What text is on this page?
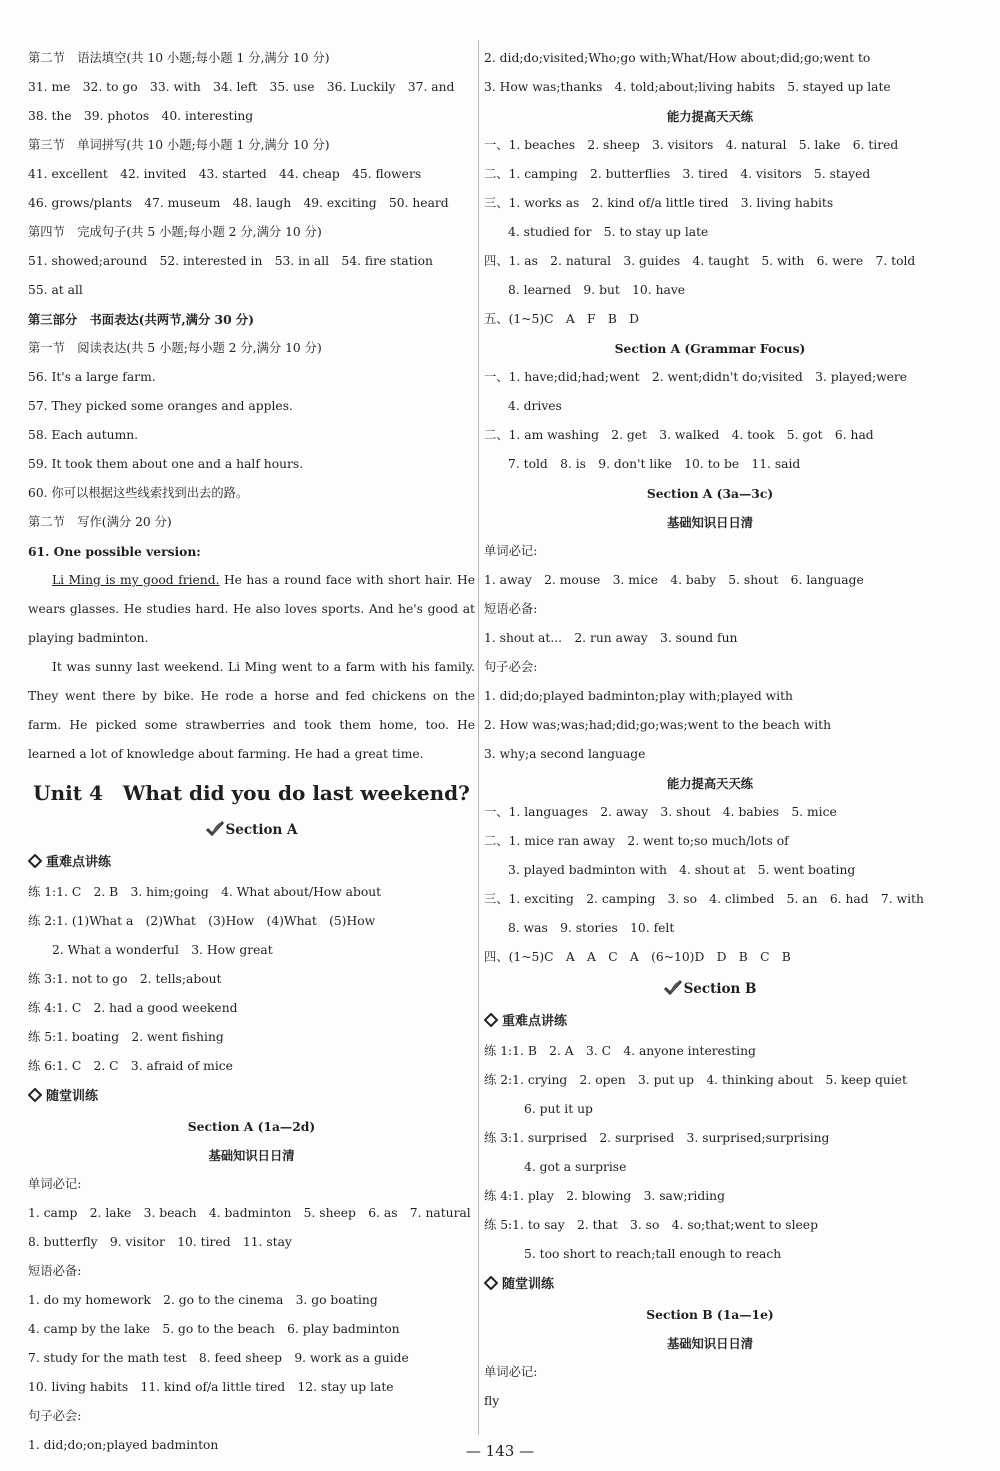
第二节　语法填空(共 10 小题;每小题 1 分,满分 10 分)
31. me　32. to go　33. with　34. left　35. use　36. Luckily　37. and
38. the　39. photos　40. interesting
第三节　单词拼写(共 10 小题;每小题 1 分,满分 10 分)
41. excellent　42. invited　43. started　44. cheap　45. flowers
46. grows/plants　47. museum　48. laugh　49. exciting　50. heard
第四节　完成句子(共 5 小题;每小题 2 分,满分 10 分)
51. showed;around　52. interested in　53. in all　54. fire station
55. at all
第三部分　书面表达(共两节,满分 30 分)
第一节　阅读表达(共 5 小题;每小题 2 分,满分 10 分)
56. It's a large farm.
57. They picked some oranges and apples.
58. Each autumn.
59. It took them about one and a half hours.
60. 你可以根据这些线索找到出去的路。
第二节　写作(满分 20 分)
61. One possible version:
Li Ming is my good friend. He has a round face with short hair. He wears glasses. He studies hard. He also loves sports. And he's good at playing badminton.
It was sunny last weekend. Li Ming went to a farm with his family. They went there by bike. He rode a horse and fed chickens on the farm. He picked some strawberries and took them home, too. He learned a lot of knowledge about farming. He had a great time.
Unit 4　What did you do last weekend?
Section A
重难点讲练
练 1:1. C　2. B　3. him;going　4. What about/How about
练 2:1. (1)What a　(2)What　(3)How　(4)What　(5)How
2. What a wonderful　3. How great
练 3:1. not to go　2. tells;about
练 4:1. C　2. had a good weekend
练 5:1. boating　2. went fishing
练 6:1. C　2. C　3. afraid of mice
随堂训练
Section A (1a—2d)
基础知识日日清
单词必记:
1. camp　2. lake　3. beach　4. badminton　5. sheep　6. as　7. natural
8. butterfly　9. visitor　10. tired　11. stay
短语必备:
1. do my homework　2. go to the cinema　3. go boating
4. camp by the lake　5. go to the beach　6. play badminton
7. study for the math test　8. feed sheep　9. work as a guide
10. living habits　11. kind of/a little tired　12. stay up late
句子必会:
1. did;do;on;played badminton
2. did;do;visited;Who;go with;What/How about;did;go;went to
3. How was;thanks　4. told;about;living habits　5. stayed up late
能力提高天天练
一、1. beaches　2. sheep　3. visitors　4. natural　5. lake　6. tired
二、1. camping　2. butterflies　3. tired　4. visitors　5. stayed
三、1. works as　2. kind of/a little tired　3. living habits
4. studied for　5. to stay up late
四、1. as　2. natural　3. guides　4. taught　5. with　6. were　7. told
8. learned　9. but　10. have
五、(1~5)C　A　F　B　D
Section A (Grammar Focus)
一、1. have;did;had;went　2. went;didn't do;visited　3. played;were
4. drives
二、1. am washing　2. get　3. walked　4. took　5. got　6. had
7. told　8. is　9. don't like　10. to be　11. said
Section A (3a—3c)
基础知识日日清
单词必记:
1. away　2. mouse　3. mice　4. baby　5. shout　6. language
短语必备:
1. shout at...　2. run away　3. sound fun
句子必会:
1. did;do;played badminton;play with;played with
2. How was;was;had;did;go;was;went to the beach with
3. why;a second language
能力提高天天练
一、1. languages　2. away　3. shout　4. babies　5. mice
二、1. mice ran away　2. went to;so much/lots of
3. played badminton with　4. shout at　5. went boating
三、1. exciting　2. camping　3. so　4. climbed　5. an　6. had　7. with
8. was　9. stories　10. felt
四、(1~5)C　A　A　C　A　(6~10)D　D　B　C　B
Section B
重难点讲练
练 1:1. B　2. A　3. C　4. anyone interesting
练 2:1. crying　2. open　3. put up　4. thinking about　5. keep quiet
6. put it up
练 3:1. surprised　2. surprised　3. surprised;surprising
4. got a surprise
练 4:1. play　2. blowing　3. saw;riding
练 5:1. to say　2. that　3. so　4. so;that;went to sleep
5. too short to reach;tall enough to reach
随堂训练
Section B (1a—1e)
基础知识日日清
单词必记:
fly
— 143 —
